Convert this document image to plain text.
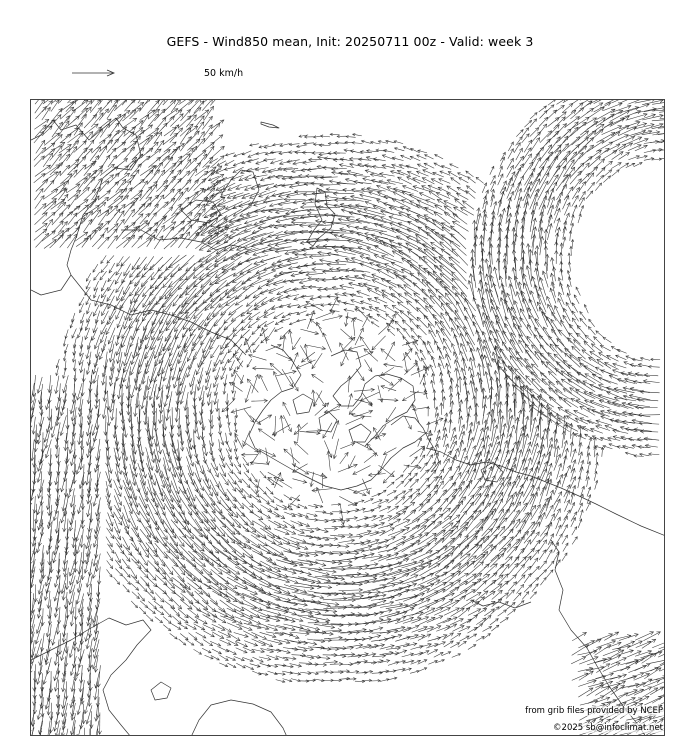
GEFS - Wind850 mean, Init: 20250711 00z - Valid: week 3
50 km/h
from grib files provided by NCEP
©2025 sb@infoclimat.net
